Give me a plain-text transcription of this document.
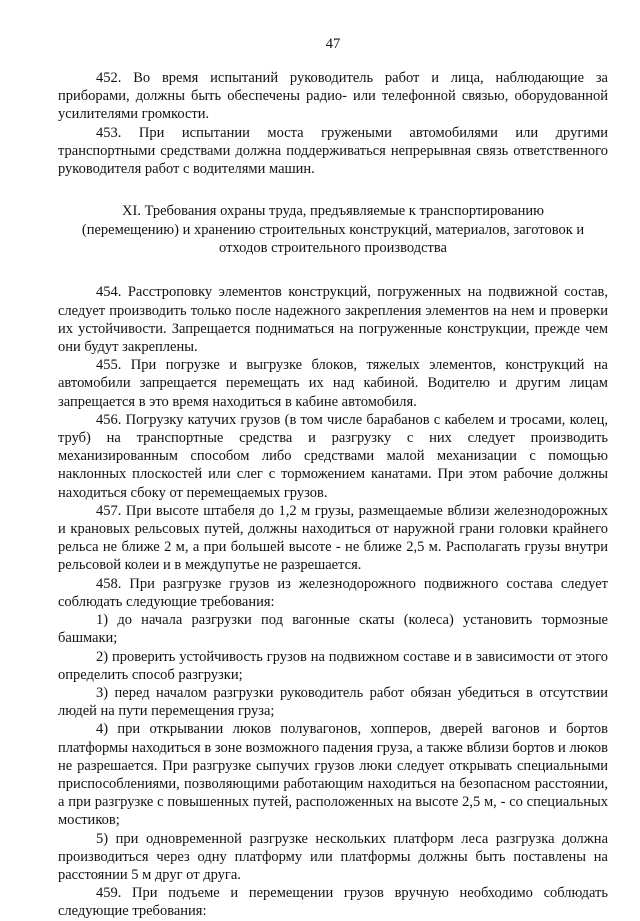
47

452. Во время испытаний руководитель работ и лица, наблюдающие за приборами, должны быть обеспечены радио- или телефонной связью, оборудованной усилителями громкости.

453. При испытании моста гружеными автомобилями или другими транспортными средствами должна поддерживаться непрерывная связь ответственного руководителя работ с водителями машин.

XI. Требования охраны труда, предъявляемые к транспортированию
(перемещению) и хранению строительных конструкций, материалов, заготовок и
отходов строительного производства

454. Расстроповку элементов конструкций, погруженных на подвижной состав, следует производить только после надежного закрепления элементов на нем и проверки их устойчивости. Запрещается подниматься на погруженные конструкции, прежде чем они будут закреплены.

455. При погрузке и выгрузке блоков, тяжелых элементов, конструкций на автомобили запрещается перемещать их над кабиной. Водителю и другим лицам запрещается в это время находиться в кабине автомобиля.

456. Погрузку катучих грузов (в том числе барабанов с кабелем и тросами, колец, труб) на транспортные средства и разгрузку с них следует производить механизированным способом либо средствами малой механизации с помощью наклонных плоскостей или слег с торможением канатами. При этом рабочие должны находиться сбоку от перемещаемых грузов.

457. При высоте штабеля до 1,2 м грузы, размещаемые вблизи железнодорожных и крановых рельсовых путей, должны находиться от наружной грани головки крайнего рельса не ближе 2 м, а при большей высоте - не ближе 2,5 м. Располагать грузы внутри рельсовой колеи и в междупутье не разрешается.

458. При разгрузке грузов из железнодорожного подвижного состава следует соблюдать следующие требования:

1) до начала разгрузки под вагонные скаты (колеса) установить тормозные башмаки;

2) проверить устойчивость грузов на подвижном составе и в зависимости от этого определить способ разгрузки;

3) перед началом разгрузки руководитель работ обязан убедиться в отсутствии людей на пути перемещения груза;

4) при открывании люков полувагонов, хопперов, дверей вагонов и бортов платформы находиться в зоне возможного падения груза, а также вблизи бортов и люков не разрешается. При разгрузке сыпучих грузов люки следует открывать специальными приспособлениями, позволяющими работающим находиться на безопасном расстоянии, а при разгрузке с повышенных путей, расположенных на высоте 2,5 м, - со специальных мостиков;

5) при одновременной разгрузке нескольких платформ леса разгрузка должна производиться через одну платформу или платформы должны быть поставлены на расстоянии 5 м друг от друга.

459. При подъеме и перемещении грузов вручную необходимо соблюдать следующие требования:
